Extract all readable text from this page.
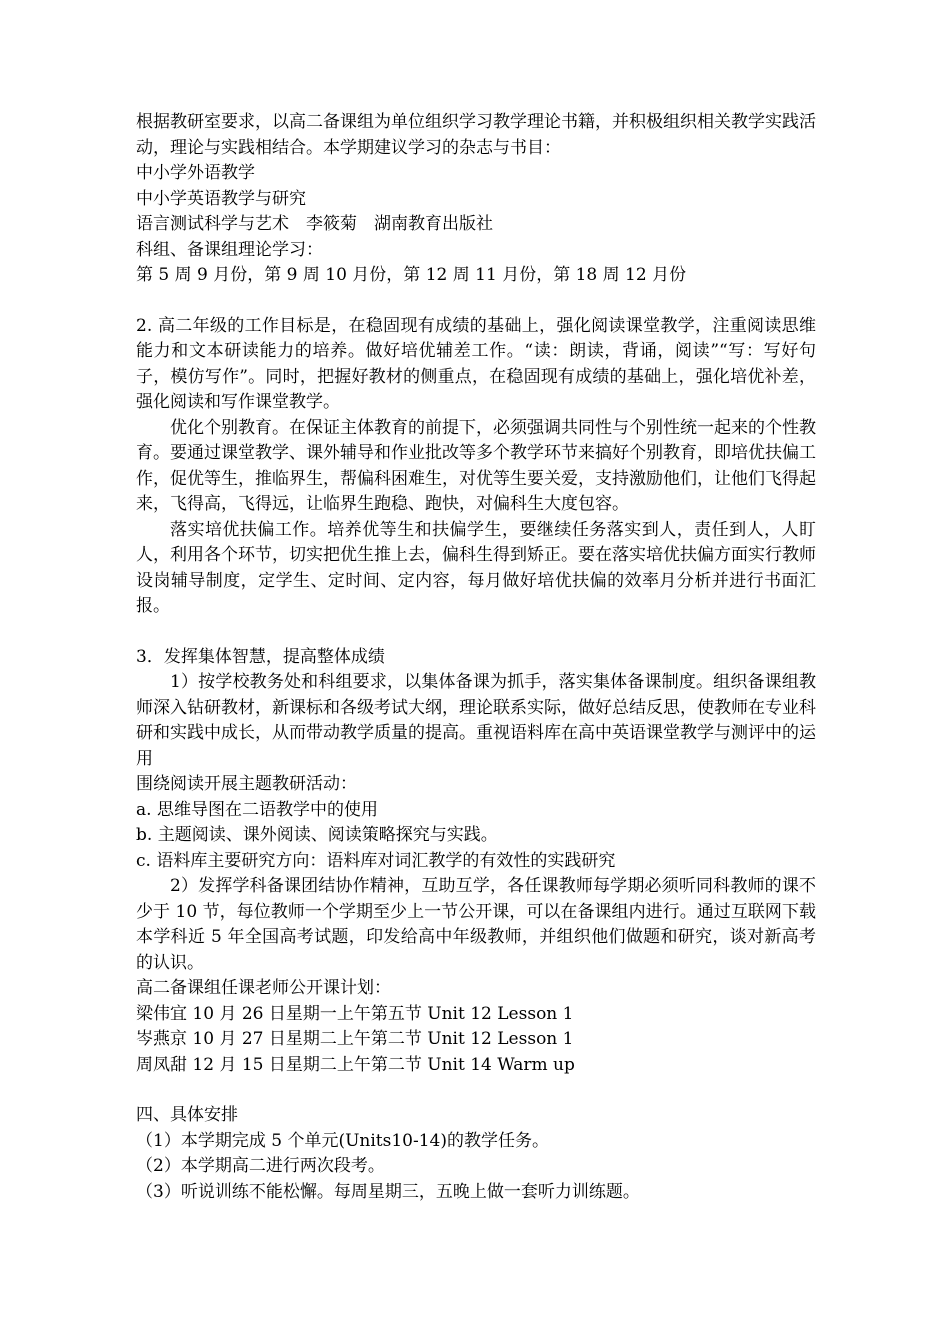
根据教研室要求，以高二备课组为单位组织学习教学理论书籍，并积极组织相关教学实践活动，理论与实践相结合。本学期建议学习的杂志与书目：

中小学外语教学

中小学英语教学与研究

语言测试科学与艺术　李筱菊　湖南教育出版社

科组、备课组理论学习：

第 5 周 9 月份，第 9 周 10 月份，第 12 周 11 月份，第 18 周 12 月份

2. 高二年级的工作目标是，在稳固现有成绩的基础上，强化阅读课堂教学，注重阅读思维能力和文本研读能力的培养。做好培优辅差工作。“读：朗读，背诵，阅读”“写：写好句子，模仿写作”。同时，把握好教材的侧重点，在稳固现有成绩的基础上，强化培优补差，强化阅读和写作课堂教学。

优化个别教育。在保证主体教育的前提下，必须强调共同性与个别性统一起来的个性教育。要通过课堂教学、课外辅导和作业批改等多个教学环节来搞好个别教育，即培优扶偏工作，促优等生，推临界生，帮偏科困难生，对优等生要关爱，支持激励他们，让他们飞得起来，飞得高，飞得远，让临界生跑稳、跑快，对偏科生大度包容。

落实培优扶偏工作。培养优等生和扶偏学生，要继续任务落实到人，责任到人，人盯人，利用各个环节，切实把优生推上去，偏科生得到矫正。要在落实培优扶偏方面实行教师设岗辅导制度，定学生、定时间、定内容，每月做好培优扶偏的效率月分析并进行书面汇报。

3．发挥集体智慧，提高整体成绩

1）按学校教务处和科组要求，以集体备课为抓手，落实集体备课制度。组织备课组教师深入钻研教材，新课标和各级考试大纲，理论联系实际，做好总结反思，使教师在专业科研和实践中成长，从而带动教学质量的提高。重视语料库在高中英语课堂教学与测评中的运用

围绕阅读开展主题教研活动：

a. 思维导图在二语教学中的使用

b. 主题阅读、课外阅读、阅读策略探究与实践。

c. 语料库主要研究方向：语料库对词汇教学的有效性的实践研究

2）发挥学科备课团结协作精神，互助互学，各任课教师每学期必须听同科教师的课不少于 10 节，每位教师一个学期至少上一节公开课，可以在备课组内进行。通过互联网下载本学科近 5 年全国高考试题，印发给高中年级教师，并组织他们做题和研究，谈对新高考的认识。

高二备课组任课老师公开课计划：

梁伟宜 10 月 26 日星期一上午第五节 Unit 12 Lesson 1

岑燕京 10 月 27 日星期二上午第二节 Unit 12 Lesson 1

周凤甜 12 月 15 日星期二上午第二节 Unit 14 Warm up

四、具体安排

（1）本学期完成 5 个单元(Units10-14)的教学任务。

（2）本学期高二进行两次段考。

（3）听说训练不能松懈。每周星期三，五晚上做一套听力训练题。
